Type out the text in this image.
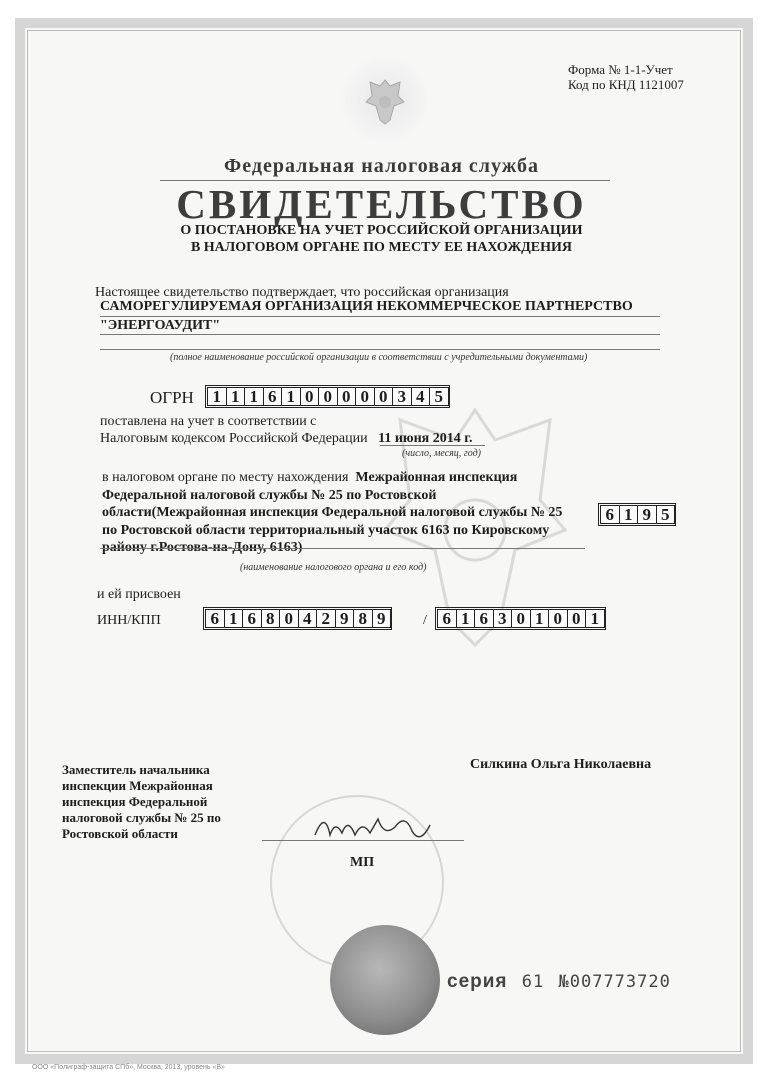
Форма № 1-1-Учет
Код по КНД 1121007
Федеральная налоговая служба
СВИДЕТЕЛЬСТВО
О ПОСТАНОВКЕ НА УЧЕТ РОССИЙСКОЙ ОРГАНИЗАЦИИ
В НАЛОГОВОМ ОРГАНЕ ПО МЕСТУ ЕЕ НАХОЖДЕНИЯ
Настоящее свидетельство подтверждает, что российская организация
САМОРЕГУЛИРУЕМАЯ ОРГАНИЗАЦИЯ НЕКОММЕРЧЕСКОЕ ПАРТНЕРСТВО
"ЭНЕРГОАУДИТ"
(полное наименование российской организации в соответствии с учредительными документами)
ОГРН	1 1 1 6 1 0 0 0 0 0 3 4 5
поставлена на учет в соответствии с
Налоговым кодексом Российской Федерации 11 июня 2014 г.
(число, месяц, год)
в налоговом органе по месту нахождения Межрайонная инспекция
Федеральной налоговой службы № 25 по Ростовской
области(Межрайонная инспекция Федеральной налоговой службы № 25
по Ростовской области территориальный участок 6163 по Кировскому
району г.Ростова-на-Дону, 6163)
6 1 9 5
(наименование налогового органа и его код)
и ей присвоен
ИНН/КПП	6 1 6 8 0 4 2 9 8 9	/ 6 1 6 3 0 1 0 0 1
Заместитель начальника
инспекции Межрайонная
инспекция Федеральной
налоговой службы № 25 по
Ростовской области
Силкина Ольга Николаевна
МП
серия 61 №007773720
ООО «Полиграф-защита СПб», Москва, 2013, уровень «В»
